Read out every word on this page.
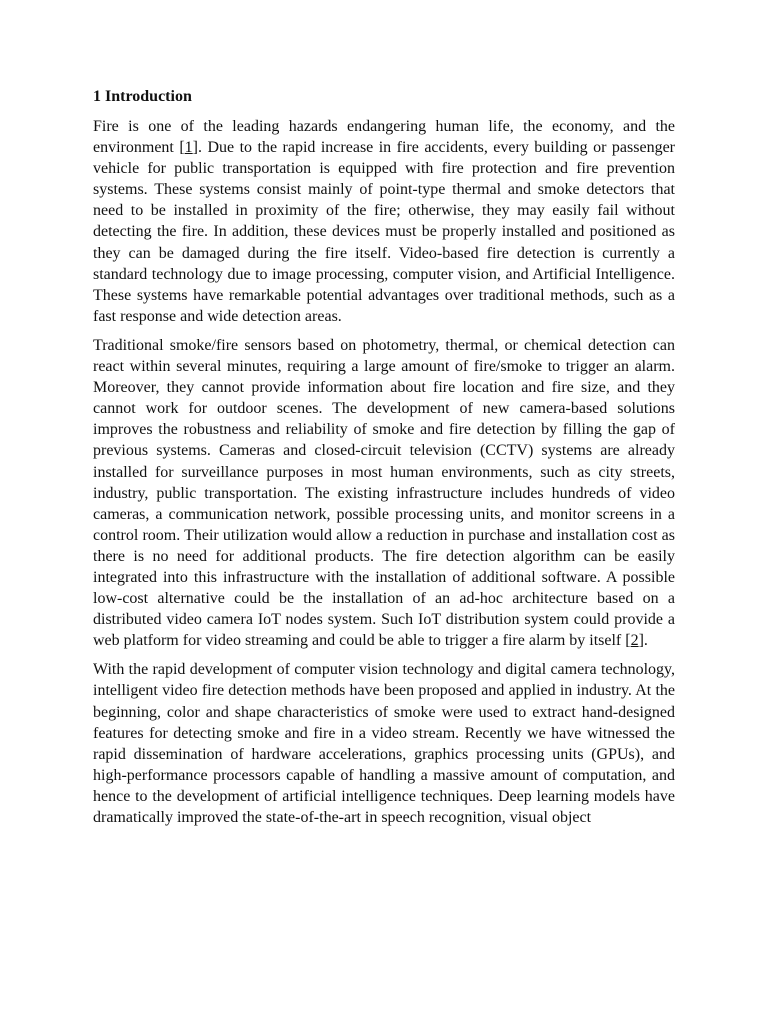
1 Introduction

Fire is one of the leading hazards endangering human life, the economy, and the environment [1]. Due to the rapid increase in fire accidents, every building or passenger vehicle for public transportation is equipped with fire protection and fire prevention systems. These systems consist mainly of point-type thermal and smoke detectors that need to be installed in proximity of the fire; otherwise, they may easily fail without detecting the fire. In addition, these devices must be properly installed and positioned as they can be damaged during the fire itself. Video-based fire detection is currently a standard technology due to image processing, computer vision, and Artificial Intelligence. These systems have remarkable potential advantages over traditional methods, such as a fast response and wide detection areas.

Traditional smoke/fire sensors based on photometry, thermal, or chemical detection can react within several minutes, requiring a large amount of fire/smoke to trigger an alarm. Moreover, they cannot provide information about fire location and fire size, and they cannot work for outdoor scenes. The development of new camera-based solutions improves the robustness and reliability of smoke and fire detection by filling the gap of previous systems. Cameras and closed-circuit television (CCTV) systems are already installed for surveillance purposes in most human environments, such as city streets, industry, public transportation. The existing infrastructure includes hundreds of video cameras, a communication network, possible processing units, and monitor screens in a control room. Their utilization would allow a reduction in purchase and installation cost as there is no need for additional products. The fire detection algorithm can be easily integrated into this infrastructure with the installation of additional software. A possible low-cost alternative could be the installation of an ad-hoc architecture based on a distributed video camera IoT nodes system. Such IoT distribution system could provide a web platform for video streaming and could be able to trigger a fire alarm by itself [2].

With the rapid development of computer vision technology and digital camera technology, intelligent video fire detection methods have been proposed and applied in industry. At the beginning, color and shape characteristics of smoke were used to extract hand-designed features for detecting smoke and fire in a video stream. Recently we have witnessed the rapid dissemination of hardware accelerations, graphics processing units (GPUs), and high-performance processors capable of handling a massive amount of computation, and hence to the development of artificial intelligence techniques. Deep learning models have dramatically improved the state-of-the-art in speech recognition, visual object
